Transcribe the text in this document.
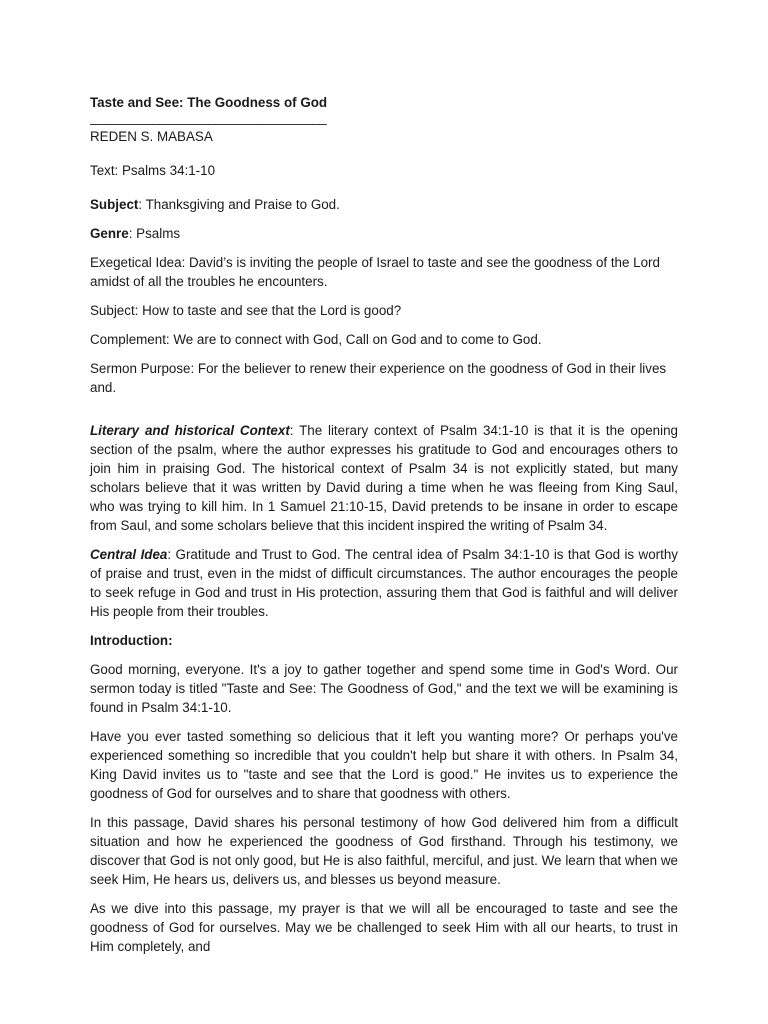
Taste and See: The Goodness of God

__________________________________

REDEN S. MABASA

Text: Psalms 34:1-10

Subject: Thanksgiving and Praise to God.

Genre: Psalms

Exegetical Idea: David’s is inviting the people of Israel to taste and see the goodness of the Lord amidst of all the troubles he encounters.

Subject: How to taste and see that the Lord is good?

Complement: We are to connect with God, Call on God and to come to God.

Sermon Purpose: For the believer to renew their experience on the goodness of God in their lives and.

Literary and historical Context: The literary context of Psalm 34:1-10 is that it is the opening section of the psalm, where the author expresses his gratitude to God and encourages others to join him in praising God. The historical context of Psalm 34 is not explicitly stated, but many scholars believe that it was written by David during a time when he was fleeing from King Saul, who was trying to kill him. In 1 Samuel 21:10-15, David pretends to be insane in order to escape from Saul, and some scholars believe that this incident inspired the writing of Psalm 34.

Central Idea: Gratitude and Trust to God. The central idea of Psalm 34:1-10 is that God is worthy of praise and trust, even in the midst of difficult circumstances. The author encourages the people to seek refuge in God and trust in His protection, assuring them that God is faithful and will deliver His people from their troubles.

Introduction:

Good morning, everyone. It's a joy to gather together and spend some time in God's Word. Our sermon today is titled "Taste and See: The Goodness of God," and the text we will be examining is found in Psalm 34:1-10.

Have you ever tasted something so delicious that it left you wanting more? Or perhaps you've experienced something so incredible that you couldn't help but share it with others. In Psalm 34, King David invites us to "taste and see that the Lord is good." He invites us to experience the goodness of God for ourselves and to share that goodness with others.

In this passage, David shares his personal testimony of how God delivered him from a difficult situation and how he experienced the goodness of God firsthand. Through his testimony, we discover that God is not only good, but He is also faithful, merciful, and just. We learn that when we seek Him, He hears us, delivers us, and blesses us beyond measure.

As we dive into this passage, my prayer is that we will all be encouraged to taste and see the goodness of God for ourselves. May we be challenged to seek Him with all our hearts, to trust in Him completely, and
